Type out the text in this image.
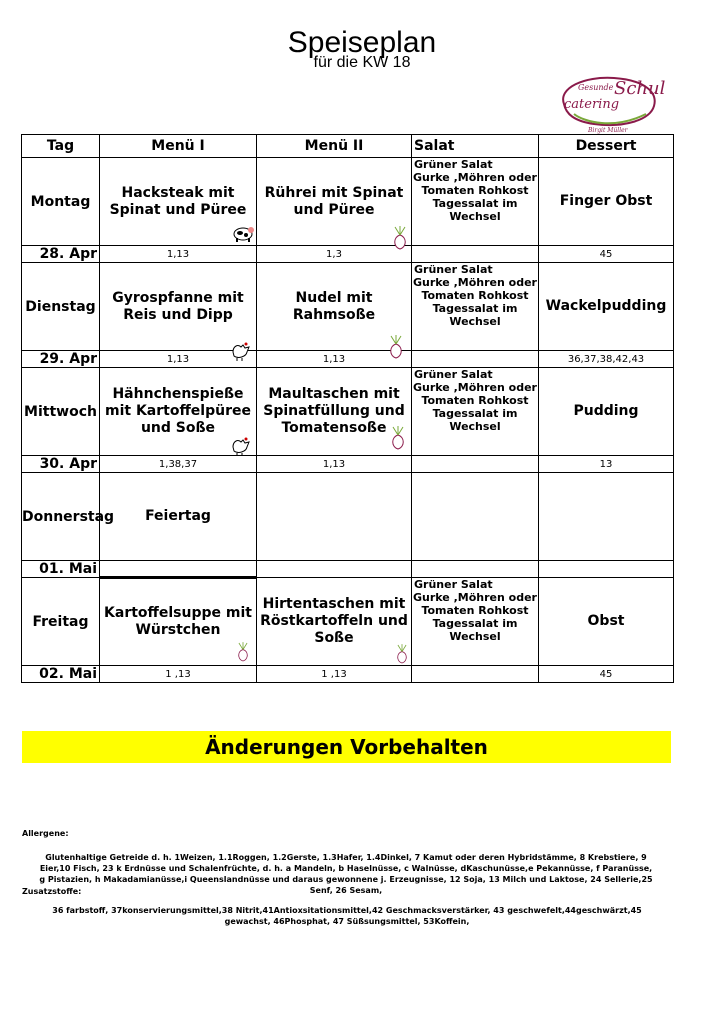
Speiseplan
für die KW 18
Gesunde Schul
catering
Birgit Müller
Tag	Menü I	Menü II	Salat	Dessert
Montag	Hacksteak mit Spinat und Püree	Rührei mit Spinat und Püree	Grüner Salat
Gurke ,Möhren oder
Tomaten Rohkost
Tagessalat im
Wechsel	Finger Obst
28. Apr	1,13	1,3		45
Dienstag	Gyrospfanne mit Reis und Dipp	Nudel mit Rahmsoße	Grüner Salat
Gurke ,Möhren oder
Tomaten Rohkost
Tagessalat im
Wechsel	Wackelpudding
29. Apr	1,13	1,13		36,37,38,42,43
Mittwoch	Hähnchenspieße mit Kartoffelpüree und Soße	Maultaschen mit Spinatfüllung und Tomatensoße	Grüner Salat
Gurke ,Möhren oder
Tomaten Rohkost
Tagessalat im
Wechsel	Pudding
30. Apr	1,38,37	1,13		13
Donnerstag	Feiertag			
01. Mai				
Freitag	Kartoffelsuppe mit Würstchen	Hirtentaschen mit Röstkartoffeln und Soße	Grüner Salat
Gurke ,Möhren oder
Tomaten Rohkost
Tagessalat im
Wechsel	Obst
02. Mai	1 ,13	1 ,13		45
Änderungen Vorbehalten
Allergene:
Glutenhaltige Getreide d. h. 1Weizen, 1.1Roggen, 1.2Gerste, 1.3Hafer, 1.4Dinkel, 7 Kamut oder deren Hybridstämme, 8 Krebstiere, 9 Eier,10 Fisch, 23 k Erdnüsse und Schalenfrüchte, d. h. a Mandeln, b Haselnüsse, c Walnüsse, dKaschunüsse,e Pekannüsse, f Paranüsse, g Pistazien, h Makadamianüsse,i Queenslandnüsse und daraus gewonnene j. Erzeugnisse, 12 Soja, 13 Milch und Laktose, 24 Sellerie,25 Senf, 26 Sesam,
Zusatzstoffe:
36 farbstoff, 37konservierungsmittel,38 Nitrit,41Antioxsitationsmittel,42 Geschmacksverstärker, 43 geschwefelt,44geschwärzt,45 gewachst, 46Phosphat, 47 Süßsungsmittel, 53Koffein,
